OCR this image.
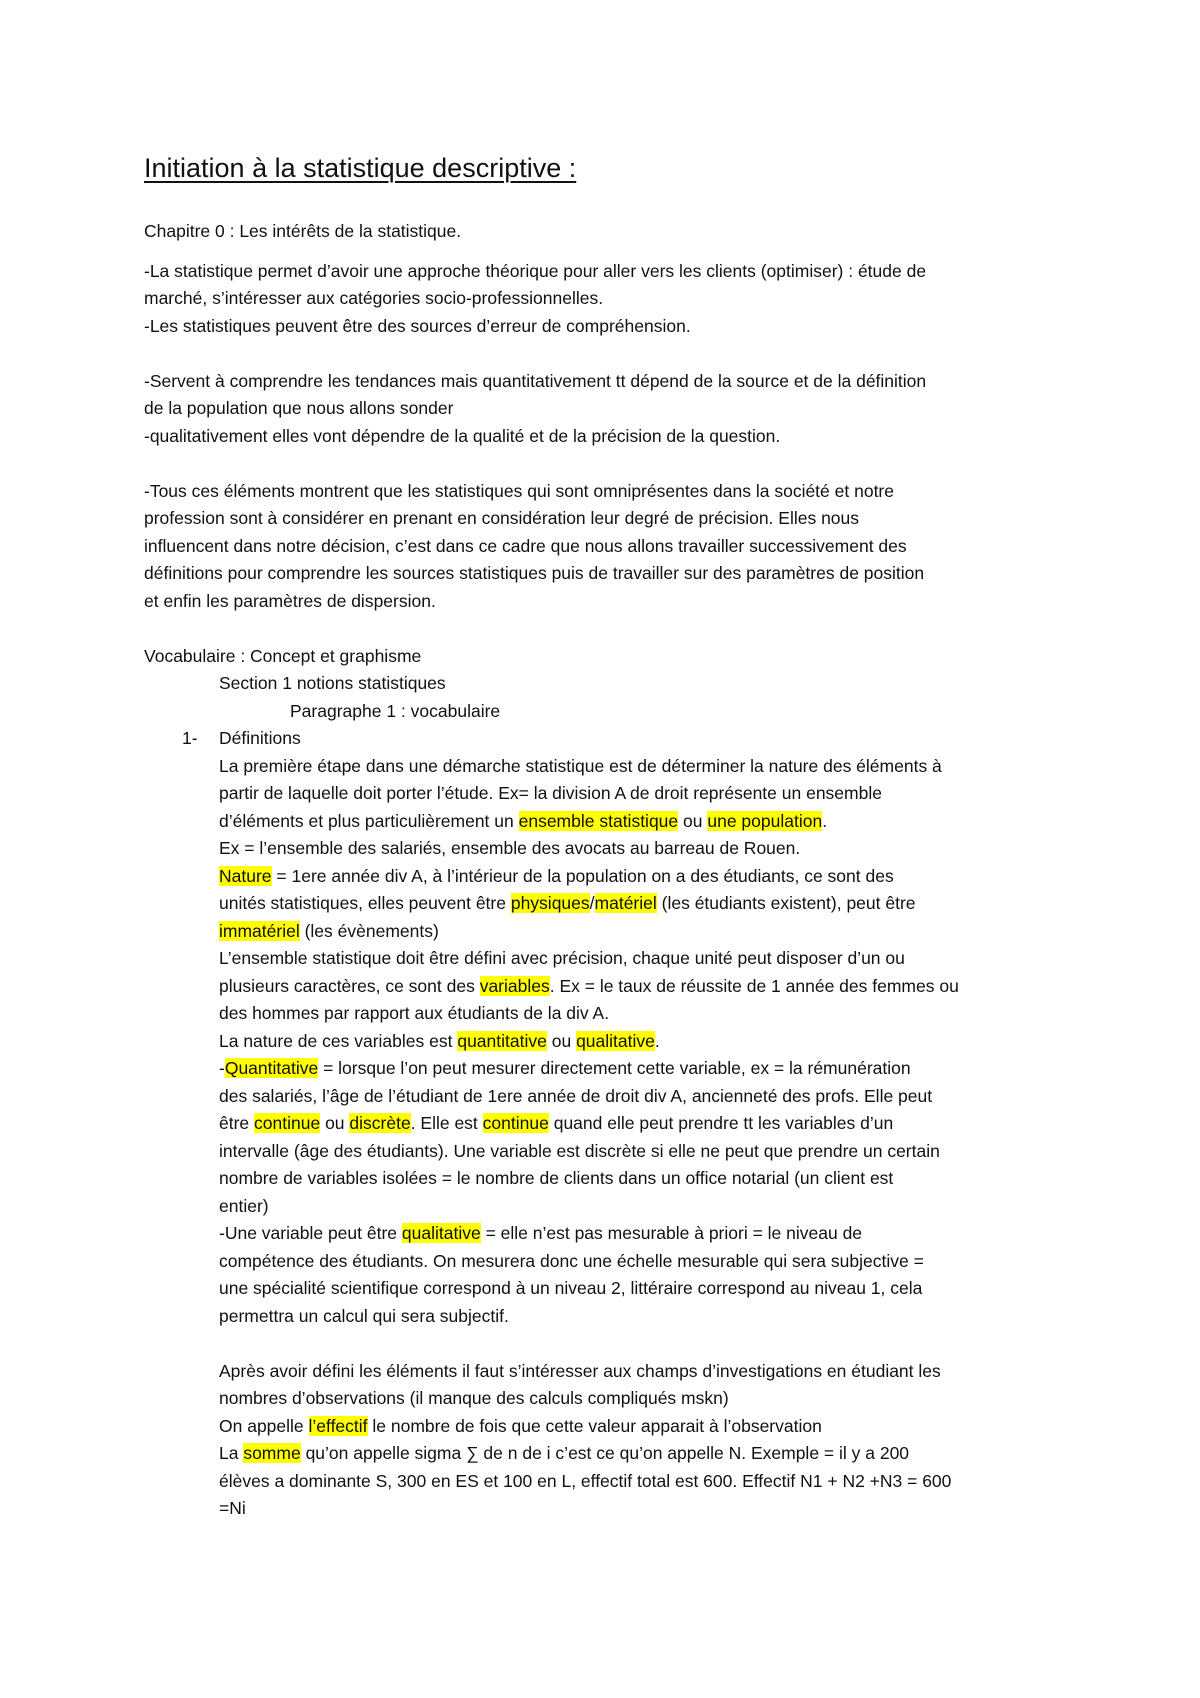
Initiation à la statistique descriptive :
Chapitre 0 : Les intérêts de la statistique.
-La statistique permet d’avoir une approche théorique pour aller vers les clients (optimiser) : étude de
marché, s’intéresser aux catégories socio-professionnelles.
-Les statistiques peuvent être des sources d’erreur de compréhension.
-Servent à comprendre les tendances mais quantitativement tt dépend de la source et de la définition
de la population que nous allons sonder
-qualitativement elles vont dépendre de la qualité et de la précision de la question.
-Tous ces éléments montrent que les statistiques qui sont omniprésentes dans la société et notre
profession sont à considérer en prenant en considération leur degré de précision. Elles nous
influencent dans notre décision, c’est dans ce cadre que nous allons travailler successivement des
définitions pour comprendre les sources statistiques puis de travailler sur des paramètres de position
et enfin les paramètres de dispersion.
Vocabulaire : Concept et graphisme
Section 1 notions statistiques
Paragraphe 1 : vocabulaire
1- Définitions
La première étape dans une démarche statistique est de déterminer la nature des éléments à
partir de laquelle doit porter l’étude. Ex= la division A de droit représente un ensemble
d’éléments et plus particulièrement un ensemble statistique ou une population.
Ex = l’ensemble des salariés, ensemble des avocats au barreau de Rouen.
Nature = 1ere année div A, à l’intérieur de la population on a des étudiants, ce sont des
unités statistiques, elles peuvent être physiques/matériel (les étudiants existent), peut être
immatériel (les évènements)
L’ensemble statistique doit être défini avec précision, chaque unité peut disposer d’un ou
plusieurs caractères, ce sont des variables. Ex = le taux de réussite de 1 année des femmes ou
des hommes par rapport aux étudiants de la div A.
La nature de ces variables est quantitative ou qualitative.
-Quantitative = lorsque l’on peut mesurer directement cette variable, ex = la rémunération
des salariés, l’âge de l’étudiant de 1ere année de droit div A, ancienneté des profs. Elle peut
être continue ou discrète. Elle est continue quand elle peut prendre tt les variables d’un
intervalle (âge des étudiants). Une variable est discrète si elle ne peut que prendre un certain
nombre de variables isolées = le nombre de clients dans un office notarial (un client est
entier)
-Une variable peut être qualitative = elle n’est pas mesurable à priori = le niveau de
compétence des étudiants. On mesurera donc une échelle mesurable qui sera subjective =
une spécialité scientifique correspond à un niveau 2, littéraire correspond au niveau 1, cela
permettra un calcul qui sera subjectif.
Après avoir défini les éléments il faut s’intéresser aux champs d’investigations en étudiant les
nombres d’observations (il manque des calculs compliqués mskn)
On appelle l’effectif le nombre de fois que cette valeur apparait à l’observation
La somme qu’on appelle sigma ∑ de n de i c’est ce qu’on appelle N. Exemple = il y a 200
élèves a dominante S, 300 en ES et 100 en L, effectif total est 600. Effectif N1 + N2 +N3 = 600
=Ni
